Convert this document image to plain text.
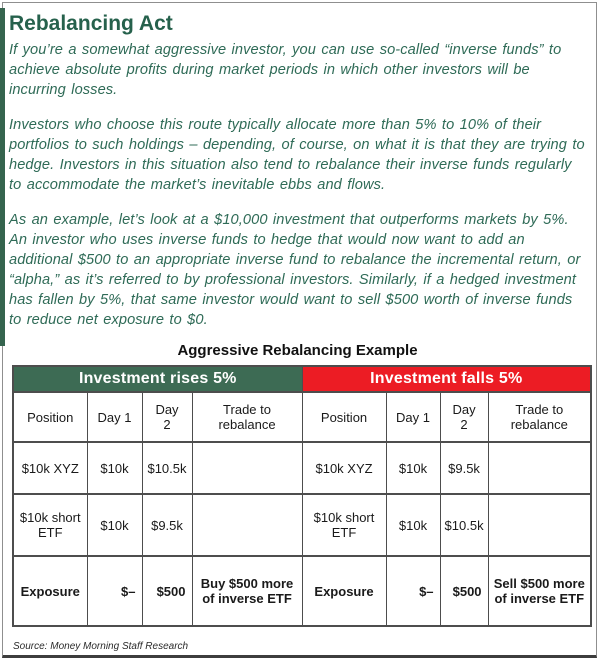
Rebalancing Act

If you’re a somewhat aggressive investor, you can use so-called “inverse funds” to achieve absolute profits during market periods in which other investors will be incurring losses.

Investors who choose this route typically allocate more than 5% to 10% of their portfolios to such holdings – depending, of course, on what it is that they are trying to hedge. Investors in this situation also tend to rebalance their inverse funds regularly to accommodate the market’s inevitable ebbs and flows.

As an example, let’s look at a $10,000 investment that outperforms markets by 5%. An investor who uses inverse funds to hedge that would now want to add an additional $500 to an appropriate inverse fund to rebalance the incremental return, or “alpha,” as it’s referred to by professional investors. Similarly, if a hedged investment has fallen by 5%, that same investor would want to sell $500 worth of inverse funds to reduce net exposure to $0.

Aggressive Rebalancing Example
Investment rises 5%				Investment falls 5%			
Position	Day 1	Day 2	Trade to rebalance	Position	Day 1	Day 2	Trade to rebalance
$10k XYZ	$10k	$10.5k		$10k XYZ	$10k	$9.5k	
$10k short ETF	$10k	$9.5k		$10k short ETF	$10k	$10.5k	
Exposure	$–	$500	Buy $500 more of inverse ETF	Exposure	$–	$500	Sell $500 more of inverse ETF
Source: Money Morning Staff Research
